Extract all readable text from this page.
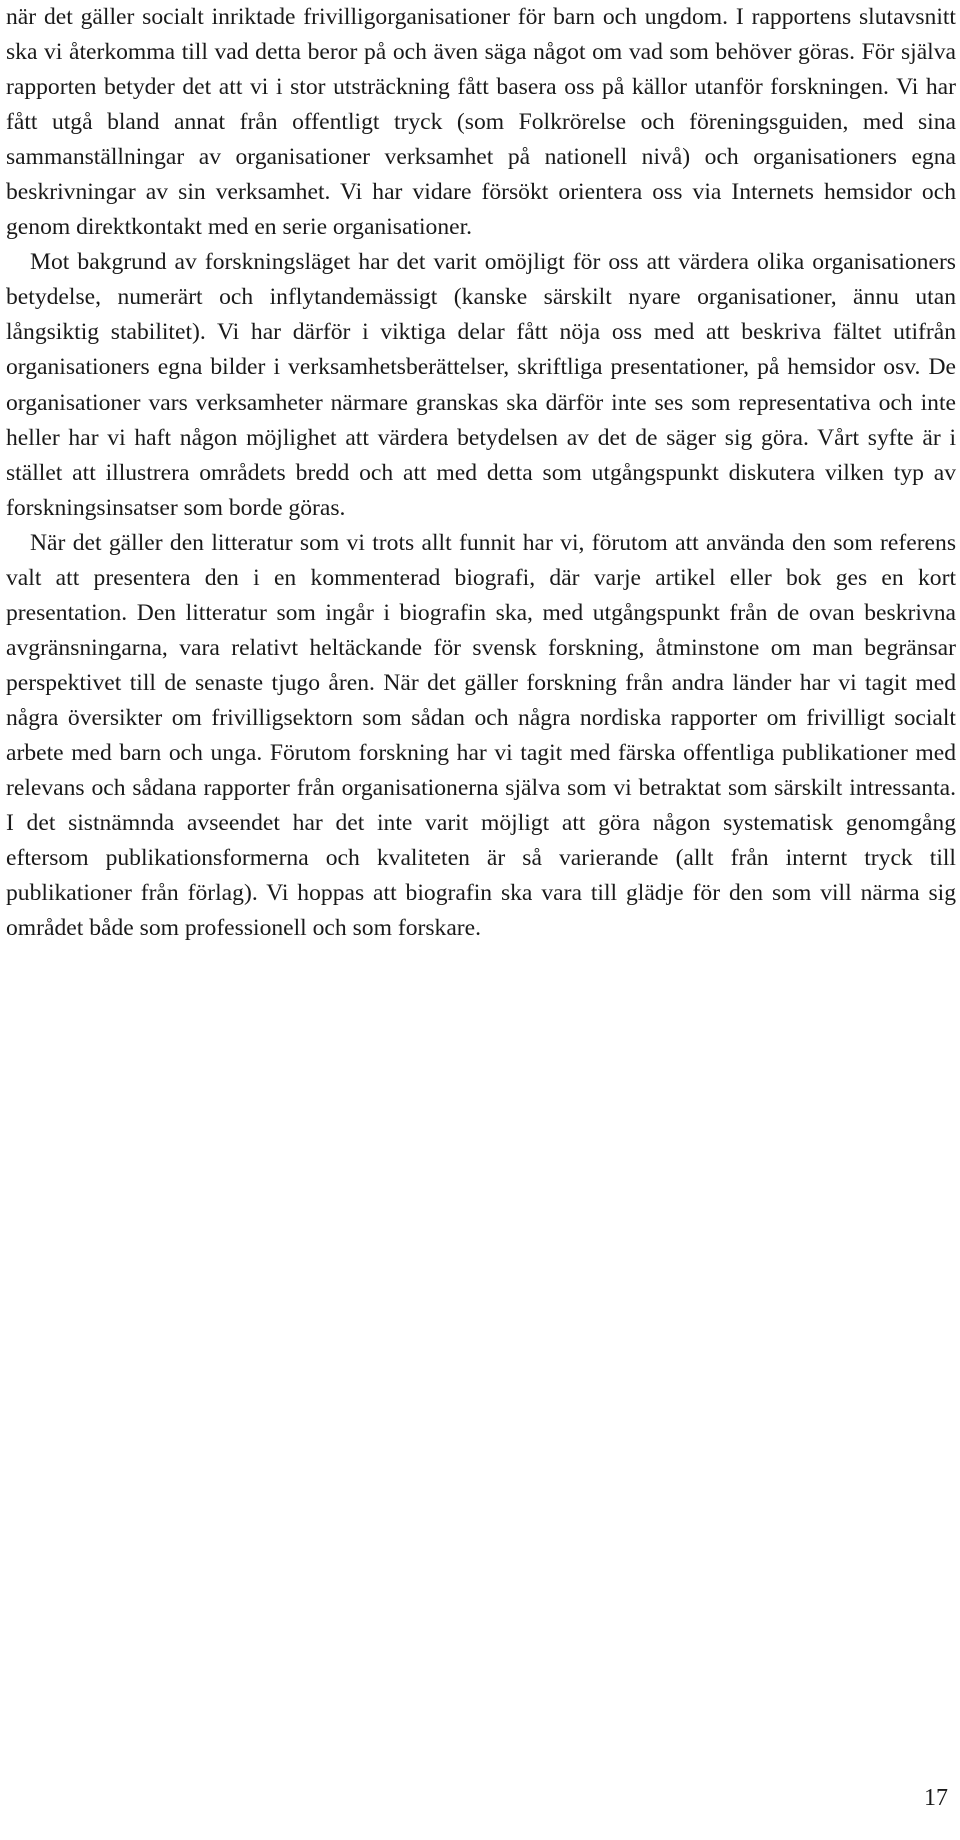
när det gäller socialt inriktade frivilligorganisationer för barn och ungdom. I rapportens slutavsnitt ska vi återkomma till vad detta beror på och även säga något om vad som behöver göras. För själva rapporten betyder det att vi i stor utsträckning fått basera oss på källor utanför forskningen. Vi har fått utgå bland annat från offentligt tryck (som Folkrörelse och föreningsguiden, med sina sammanställningar av organisationer verksamhet på nationell nivå) och organisationers egna beskrivningar av sin verksamhet. Vi har vidare försökt orientera oss via Internets hemsidor och genom direktkontakt med en serie organisationer.

Mot bakgrund av forskningsläget har det varit omöjligt för oss att värdera olika organisationers betydelse, numerärt och inflytandemässigt (kanske särskilt nyare organisationer, ännu utan långsiktig stabilitet). Vi har därför i viktiga delar fått nöja oss med att beskriva fältet utifrån organisationers egna bilder i verksamhetsberättelser, skriftliga presentationer, på hemsidor osv. De organisationer vars verksamheter närmare granskas ska därför inte ses som representativa och inte heller har vi haft någon möjlighet att värdera betydelsen av det de säger sig göra. Vårt syfte är i stället att illustrera områdets bredd och att med detta som utgångspunkt diskutera vilken typ av forskningsinsatser som borde göras.

När det gäller den litteratur som vi trots allt funnit har vi, förutom att använda den som referens valt att presentera den i en kommenterad biografi, där varje artikel eller bok ges en kort presentation. Den litteratur som ingår i biografin ska, med utgångspunkt från de ovan beskrivna avgränsningarna, vara relativt heltäckande för svensk forskning, åtminstone om man begränsar perspektivet till de senaste tjugo åren. När det gäller forskning från andra länder har vi tagit med några översikter om frivilligsektorn som sådan och några nordiska rapporter om frivilligt socialt arbete med barn och unga. Förutom forskning har vi tagit med färska offentliga publikationer med relevans och sådana rapporter från organisationerna själva som vi betraktat som särskilt intressanta. I det sistnämnda avseendet har det inte varit möjligt att göra någon systematisk genomgång eftersom publikationsformerna och kvaliteten är så varierande (allt från internt tryck till publikationer från förlag). Vi hoppas att biografin ska vara till glädje för den som vill närma sig området både som professionell och som forskare.

17
